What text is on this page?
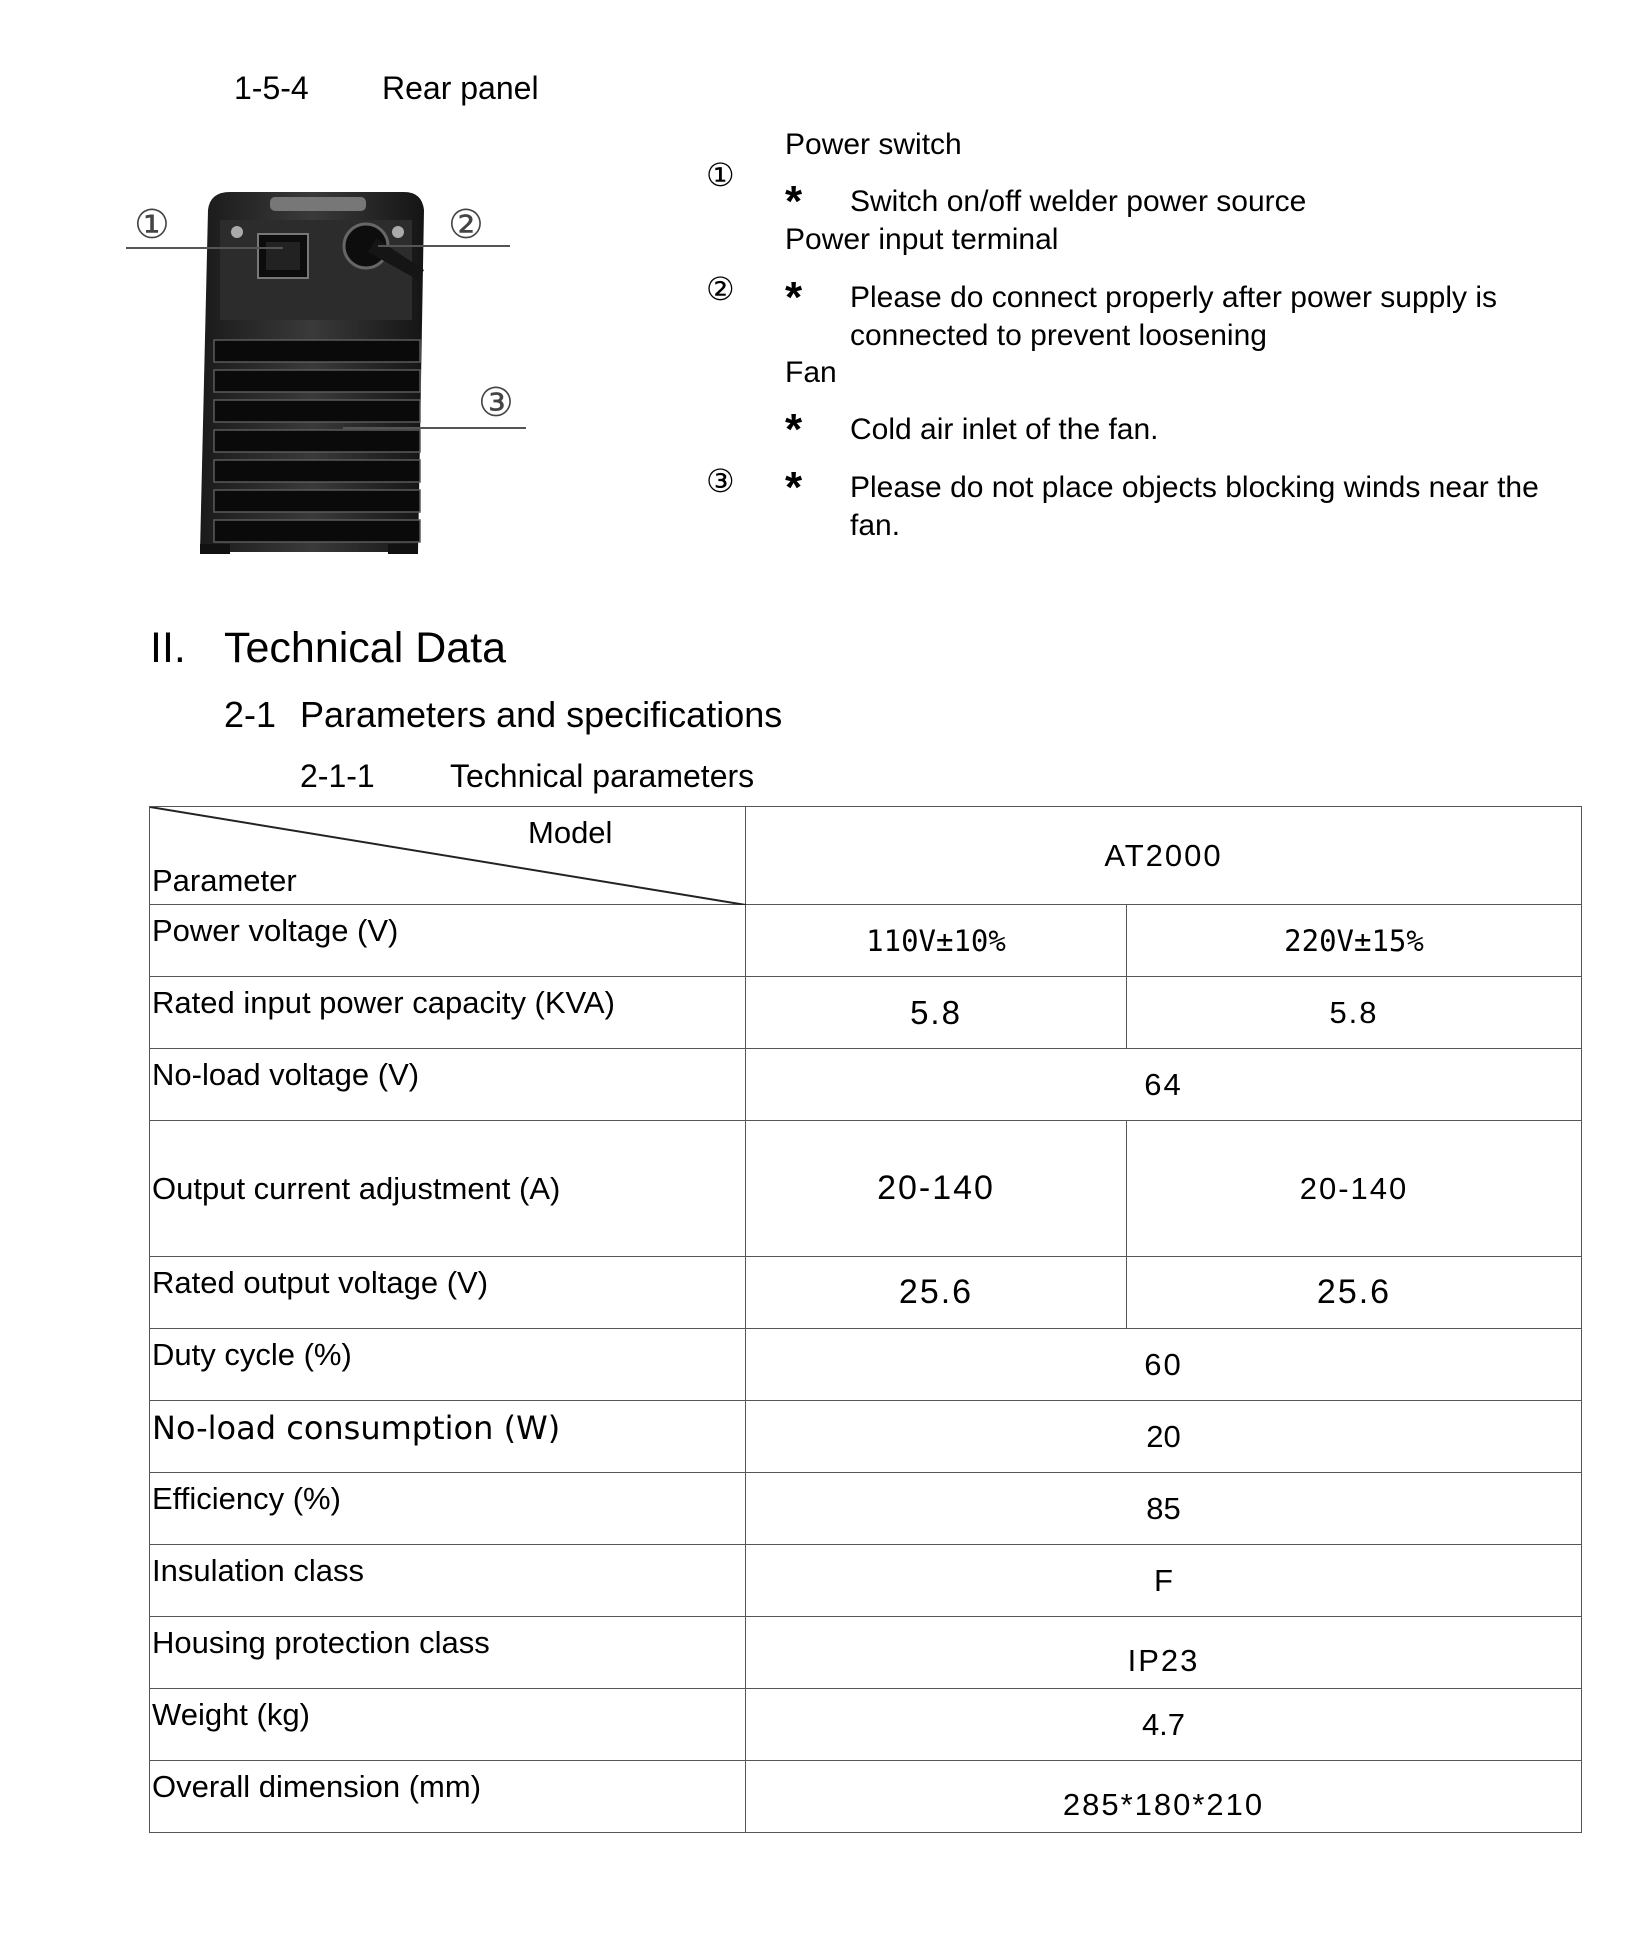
1-5-4 Rear panel
①	②
③
①
Power switch
* Switch on/off welder power source
Power input terminal
② * Please do connect properly after power supply is connected to prevent loosening
Fan
* Cold air inlet of the fan.
③ * Please do not place objects blocking winds near the fan.
II. Technical Data
2-1 Parameters and specifications
2-1-1 Technical parameters
Model
Parameter	AT2000	
Power voltage (V)	110V±10%	220V±15%
Rated input power capacity (KVA)	5.8	5.8
No-load voltage (V)	64	
Output current adjustment (A)	20-140	20-140
Rated output voltage (V)	25.6	25.6
Duty cycle (%)	60	
No-load consumption (W)	20	
Efficiency (%)	85	
Insulation class	F	
Housing protection class	IP23	
Weight (kg)	4.7	
Overall dimension (mm)	285*180*210	
